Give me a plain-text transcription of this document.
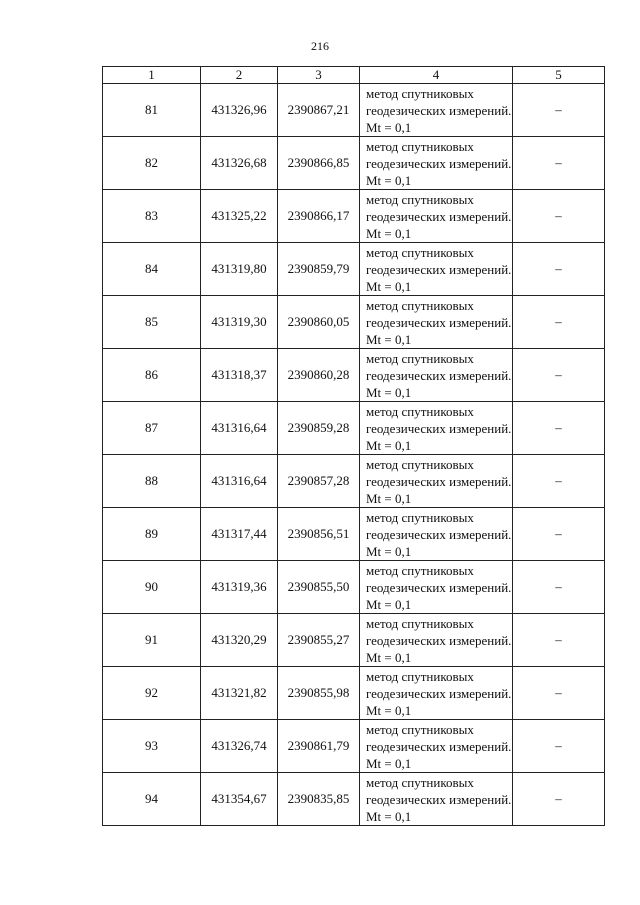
216
1	2	3	4	5
81	431326,96	2390867,21	метод спутниковых геодезических измерений. Mt = 0,1	–
82	431326,68	2390866,85	метод спутниковых геодезических измерений. Mt = 0,1	–
83	431325,22	2390866,17	метод спутниковых геодезических измерений. Mt = 0,1	–
84	431319,80	2390859,79	метод спутниковых геодезических измерений. Mt = 0,1	–
85	431319,30	2390860,05	метод спутниковых геодезических измерений. Mt = 0,1	–
86	431318,37	2390860,28	метод спутниковых геодезических измерений. Mt = 0,1	–
87	431316,64	2390859,28	метод спутниковых геодезических измерений. Mt = 0,1	–
88	431316,64	2390857,28	метод спутниковых геодезических измерений. Mt = 0,1	–
89	431317,44	2390856,51	метод спутниковых геодезических измерений. Mt = 0,1	–
90	431319,36	2390855,50	метод спутниковых геодезических измерений. Mt = 0,1	–
91	431320,29	2390855,27	метод спутниковых геодезических измерений. Mt = 0,1	–
92	431321,82	2390855,98	метод спутниковых геодезических измерений. Mt = 0,1	–
93	431326,74	2390861,79	метод спутниковых геодезических измерений. Mt = 0,1	–
94	431354,67	2390835,85	метод спутниковых геодезических измерений. Mt = 0,1	–
